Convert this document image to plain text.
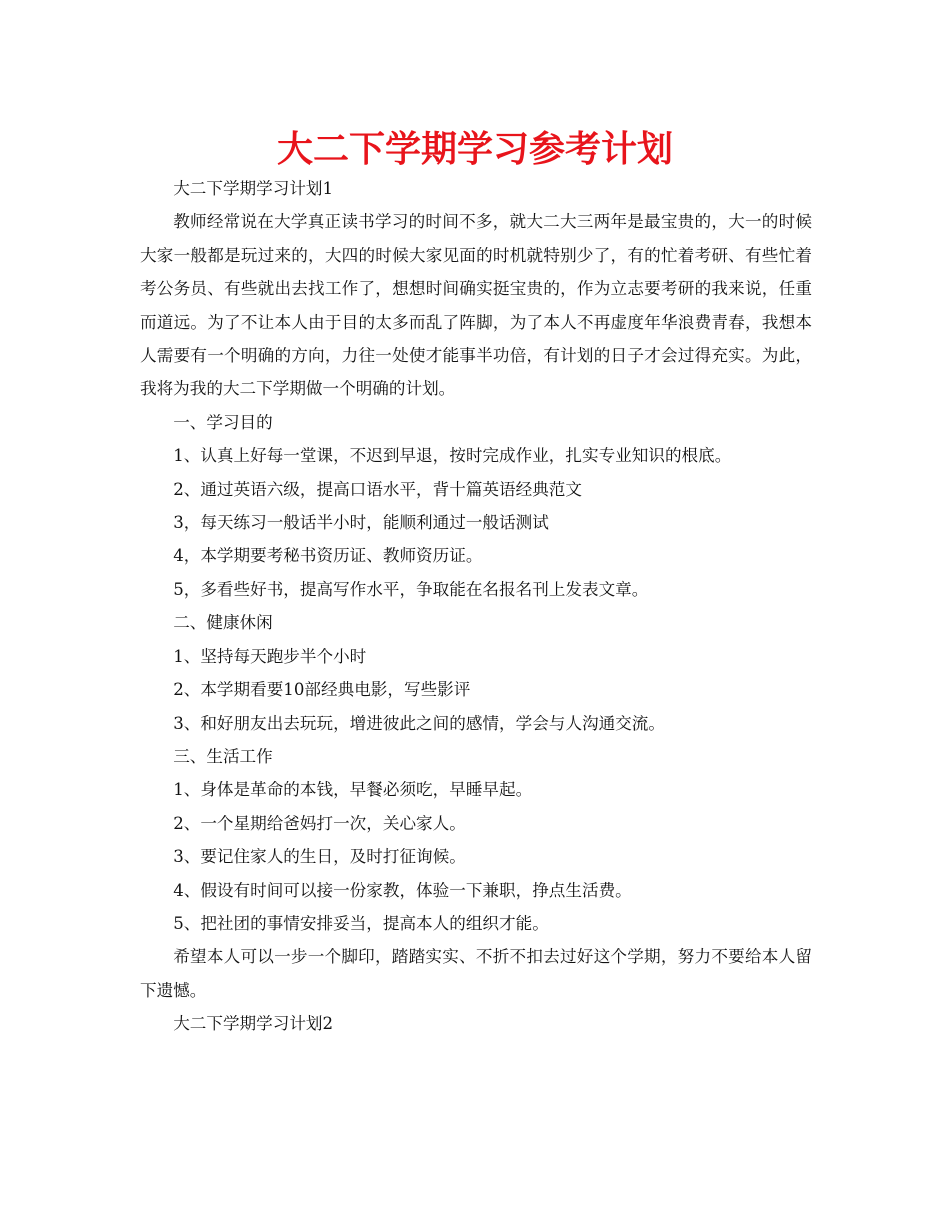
大二下学期学习参考计划

大二下学期学习计划1

教师经常说在大学真正读书学习的时间不多，就大二大三两年是最宝贵的，大一的时候大家一般都是玩过来的，大四的时候大家见面的时机就特别少了，有的忙着考研、有些忙着考公务员、有些就出去找工作了，想想时间确实挺宝贵的，作为立志要考研的我来说，任重而道远。为了不让本人由于目的太多而乱了阵脚，为了本人不再虚度年华浪费青春，我想本人需要有一个明确的方向，力往一处使才能事半功倍，有计划的日子才会过得充实。为此，我将为我的大二下学期做一个明确的计划。

一、学习目的

1、认真上好每一堂课，不迟到早退，按时完成作业，扎实专业知识的根底。

2、通过英语六级，提高口语水平，背十篇英语经典范文

3，每天练习一般话半小时，能顺利通过一般话测试

4，本学期要考秘书资历证、教师资历证。

5，多看些好书，提高写作水平，争取能在名报名刊上发表文章。

二、健康休闲

1、坚持每天跑步半个小时

2、本学期看要10部经典电影，写些影评

3、和好朋友出去玩玩，增进彼此之间的感情，学会与人沟通交流。

三、生活工作

1、身体是革命的本钱，早餐必须吃，早睡早起。

2、一个星期给爸妈打一次，关心家人。

3、要记住家人的生日，及时打征询候。

4、假设有时间可以接一份家教，体验一下兼职，挣点生活费。

5、把社团的事情安排妥当，提高本人的组织才能。

希望本人可以一步一个脚印，踏踏实实、不折不扣去过好这个学期，努力不要给本人留下遗憾。

大二下学期学习计划2
